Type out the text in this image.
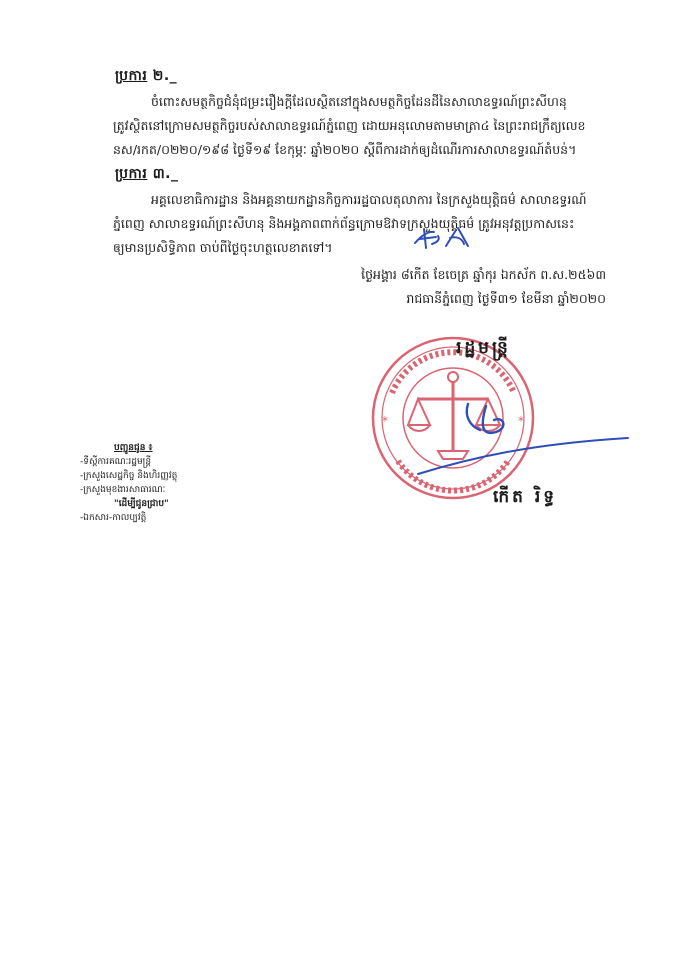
ប្រការ ២._
ចំពោះសមត្ថកិច្ចជំនុំជម្រះរឿងក្តីដែលស្ថិតនៅក្នុងសមត្ថកិច្ចដែនដីនៃសាលាឧទ្ធរណ៍ព្រះសីហនុ
ត្រូវស្ថិតនៅក្រោមសមត្ថកិច្ចរបស់សាលាឧទ្ធរណ៍ភ្នំពេញ ដោយអនុលោមតាមមាត្រា៤ នៃព្រះរាជក្រឹត្យលេខ
នស/រកត/០២២០/១៩៨ ថ្ងៃទី១៩ ខែកុម្ភៈ ឆ្នាំ២០២០ ស្តីពីការដាក់ឲ្យដំណើរការសាលាឧទ្ធរណ៍តំបន់។
ប្រការ ៣._
អគ្គលេខាធិការដ្ឋាន និងអគ្គនាយកដ្ឋានកិច្ចការរដ្ឋបាលតុលាការ នៃក្រសួងយុត្តិធម៌ សាលាឧទ្ធរណ៍
ភ្នំពេញ សាលាឧទ្ធរណ៍ព្រះសីហនុ និងអង្គភាពពាក់ព័ន្ធក្រោមឱវាទក្រសួងយុត្តិធម៌ ត្រូវអនុវត្តប្រកាសនេះ
ឲ្យមានប្រសិទ្ធិភាព ចាប់ពីថ្ងៃចុះហត្ថលេខាតទៅ។
ថ្ងៃអង្គារ ៨កើត ខែចេត្រ ឆ្នាំកុរ ឯកស័ក ព.ស.២៥៦៣
រាជធានីភ្នំពេញ ថ្ងៃទី៣១ ខែមីនា ឆ្នាំ២០២០
*	*
រដ្ឋមន្ត្រី
កើត រិទ្ធ
បញ្ជូនជូន ៖
-ទីស្តីការគណៈរដ្ឋមន្ត្រី
-ក្រសួងសេដ្ឋកិច្ច និងហិរញ្ញវត្ថុ
-ក្រសួងមុខងារសាធារណៈ
"ដើម្បីជូនជ្រាប"
-ឯកសារ-កាលប្បវត្តិ
